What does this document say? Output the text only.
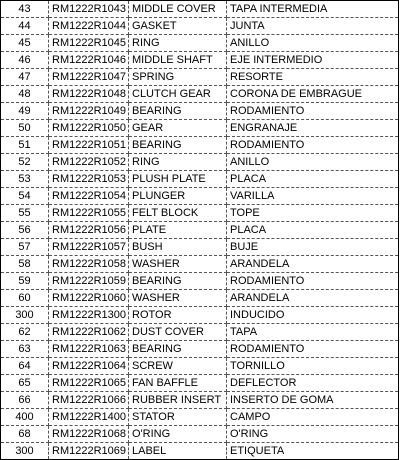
43	RM1222R1043	MIDDLE COVER	TAPA INTERMEDIA
44	RM1222R1044	GASKET	JUNTA
45	RM1222R1045	RING	ANILLO
46	RM1222R1046	MIDDLE SHAFT	EJE INTERMEDIO
47	RM1222R1047	SPRING	RESORTE
48	RM1222R1048	CLUTCH GEAR	CORONA DE EMBRAGUE
49	RM1222R1049	BEARING	RODAMIENTO
50	RM1222R1050	GEAR	ENGRANAJE
51	RM1222R1051	BEARING	RODAMIENTO
52	RM1222R1052	RING	ANILLO
53	RM1222R1053	PLUSH PLATE	PLACA
54	RM1222R1054	PLUNGER	VARILLA
55	RM1222R1055	FELT BLOCK	TOPE
56	RM1222R1056	PLATE	PLACA
57	RM1222R1057	BUSH	BUJE
58	RM1222R1058	WASHER	ARANDELA
59	RM1222R1059	BEARING	RODAMIENTO
60	RM1222R1060	WASHER	ARANDELA
300	RM1222R1300	ROTOR	INDUCIDO
62	RM1222R1062	DUST COVER	TAPA
63	RM1222R1063	BEARING	RODAMIENTO
64	RM1222R1064	SCREW	TORNILLO
65	RM1222R1065	FAN BAFFLE	DEFLECTOR
66	RM1222R1066	RUBBER INSERT	INSERTO DE GOMA
400	RM1222R1400	STATOR	CAMPO
68	RM1222R1068	O'RING	O'RING
300	RM1222R1069	LABEL	ETIQUETA
